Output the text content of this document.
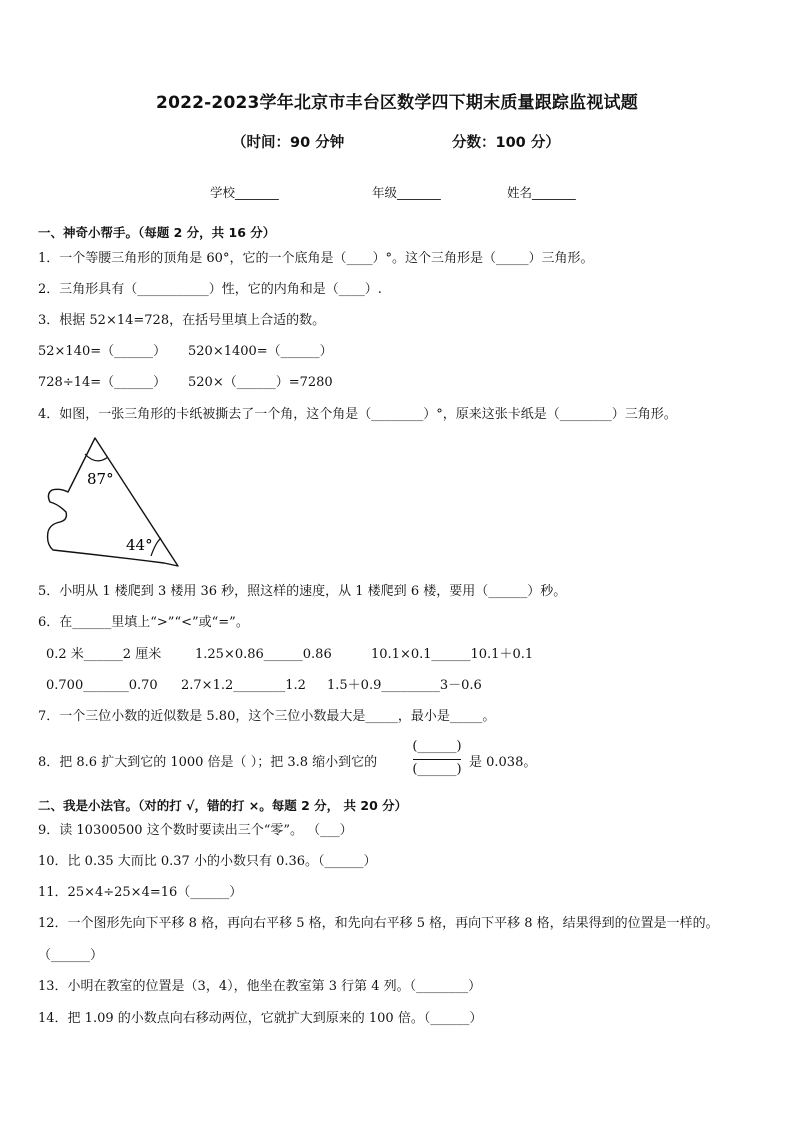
2022-2023学年北京市丰台区数学四下期末质量跟踪监视试题
（时间：90 分钟	分数：100 分）
学校_______	年级_______	姓名_______
一、神奇小帮手。（每题 2 分，共 16 分）
1．一个等腰三角形的顶角是 60°，它的一个底角是（____）°。这个三角形是（_____）三角形。
2．三角形具有（___________）性，它的内角和是（____）.
3．根据 52×14=728，在括号里填上合适的数。
52×140=（______） 520×1400=（______）
728÷14=（______） 520×（______）=7280
4．如图，一张三角形的卡纸被撕去了一个角，这个角是（________）°，原来这张卡纸是（________）三角形。
87°
44°
5．小明从 1 楼爬到 3 楼用 36 秒，照这样的速度，从 1 楼爬到 6 楼，要用（______）秒。
6．在______里填上“>”“<”或“=”。
0.2 米______2 厘米	1.25×0.86______0.86	10.1×0.1______10.1＋0.1
0.700_______0.70 2.7×1.2________1.2 1.5＋0.9_________3－0.6
7．一个三位小数的近似数是 5.80，这个三位小数最大是_____，最小是_____。
8．把 8.6 扩大到它的 1000 倍是（ ）；把 3.8 缩小到它的
(______)
(______) 是 0.038。
二、我是小法官。（对的打 √，错的打 ×。每题 2 分， 共 20 分）
9．读 10300500 这个数时要读出三个“零”。 （___）
10．比 0.35 大而比 0.37 小的小数只有 0.36。（______）
11．25×4÷25×4=16（______）
12．一个图形先向下平移 8 格，再向右平移 5 格，和先向右平移 5 格，再向下平移 8 格，结果得到的位置是一样的。
（______）
13．小明在教室的位置是（3，4），他坐在教室第 3 行第 4 列。（________）
14．把 1.09 的小数点向右移动两位，它就扩大到原来的 100 倍。（______）
